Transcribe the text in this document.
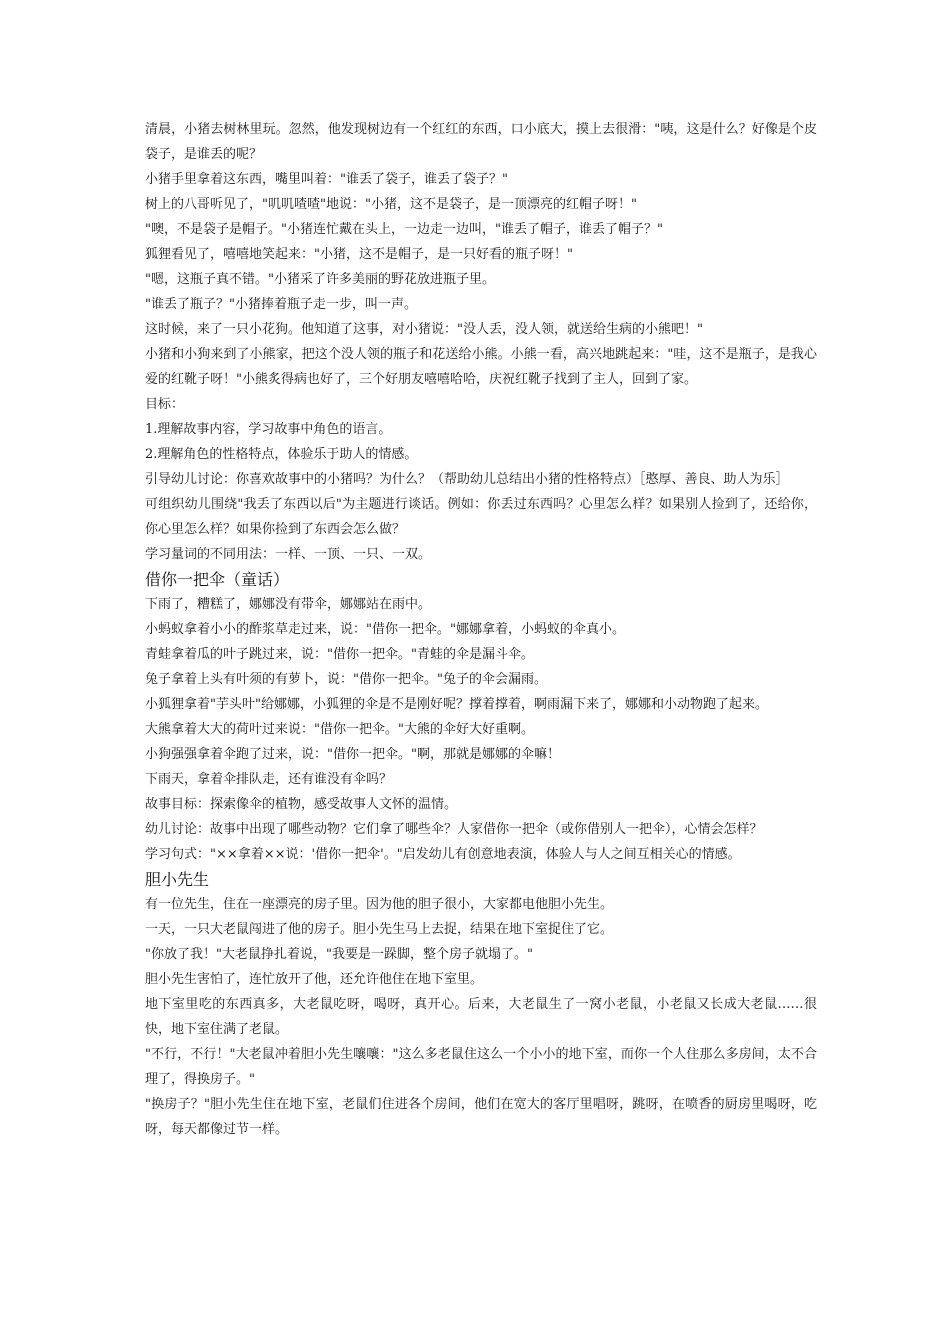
清晨，小猪去树林里玩。忽然，他发现树边有一个红红的东西，口小底大，摸上去很滑："咦，这是什么？好像是个皮袋子，是谁丢的呢？

小猪手里拿着这东西，嘴里叫着："谁丢了袋子，谁丢了袋子？"

树上的八哥听见了，"叽叽喳喳"地说："小猪，这不是袋子，是一顶漂亮的红帽子呀！"

"噢，不是袋子是帽子。"小猪连忙戴在头上，一边走一边叫，"谁丢了帽子，谁丢了帽子？"

狐狸看见了，嘻嘻地笑起来："小猪，这不是帽子，是一只好看的瓶子呀！"

"嗯，这瓶子真不错。"小猪采了许多美丽的野花放进瓶子里。

"谁丢了瓶子？"小猪捧着瓶子走一步，叫一声。

这时候，来了一只小花狗。他知道了这事，对小猪说："没人丢，没人领，就送给生病的小熊吧！"

小猪和小狗来到了小熊家，把这个没人领的瓶子和花送给小熊。小熊一看，高兴地跳起来："哇，这不是瓶子，是我心爱的红靴子呀！"小熊炙得病也好了，三个好朋友嘻嘻哈哈，庆祝红靴子找到了主人，回到了家。

目标：

1.理解故事内容，学习故事中角色的语言。

2.理解角色的性格特点，体验乐于助人的情感。

引导幼儿讨论：你喜欢故事中的小猪吗？为什么？（帮助幼儿总结出小猪的性格特点）［憨厚、善良、助人为乐］

可组织幼儿围绕"我丢了东西以后"为主题进行谈话。例如：你丢过东西吗？心里怎么样？如果别人捡到了，还给你，你心里怎么样？如果你捡到了东西会怎么做？

学习量词的不同用法：一样、一顶、一只、一双。

借你一把伞（童话）

下雨了，糟糕了，娜娜没有带伞，娜娜站在雨中。

小蚂蚁拿着小小的酢浆草走过来，说："借你一把伞。"娜娜拿着，小蚂蚁的伞真小。

青蛙拿着瓜的叶子跳过来，说："借你一把伞。"青蛙的伞是漏斗伞。

兔子拿着上头有叶须的有萝卜，说："借你一把伞。"兔子的伞会漏雨。

小狐狸拿着"芋头叶"给娜娜，小狐狸的伞是不是刚好呢？撑着撑着，啊雨漏下来了，娜娜和小动物跑了起来。

大熊拿着大大的荷叶过来说："借你一把伞。"大熊的伞好大好重啊。

小狗强强拿着伞跑了过来，说："借你一把伞。"啊，那就是娜娜的伞嘛！

下雨天，拿着伞排队走，还有谁没有伞吗？

故事目标：探索像伞的植物，感受故事人文怀的温情。

幼儿讨论：故事中出现了哪些动物？它们拿了哪些伞？人家借你一把伞（或你借别人一把伞），心情会怎样？

学习句式："××拿着××说：'借你一把伞'。"启发幼儿有创意地表演，体验人与人之间互相关心的情感。

胆小先生

有一位先生，住在一座漂亮的房子里。因为他的胆子很小，大家都电他胆小先生。

一天，一只大老鼠闯进了他的房子。胆小先生马上去捉，结果在地下室捉住了它。

"你放了我！"大老鼠挣扎着说，"我要是一跺脚，整个房子就塌了。"

胆小先生害怕了，连忙放开了他，还允许他住在地下室里。

地下室里吃的东西真多，大老鼠吃呀，喝呀，真开心。后来，大老鼠生了一窝小老鼠，小老鼠又长成大老鼠……很快，地下室住满了老鼠。

"不行，不行！"大老鼠冲着胆小先生嚷嚷："这么多老鼠住这么一个小小的地下室，而你一个人住那么多房间，太不合理了，得换房子。"

"换房子？"胆小先生住在地下室，老鼠们住进各个房间，他们在宽大的客厅里唱呀，跳呀，在喷香的厨房里喝呀，吃呀，每天都像过节一样。
